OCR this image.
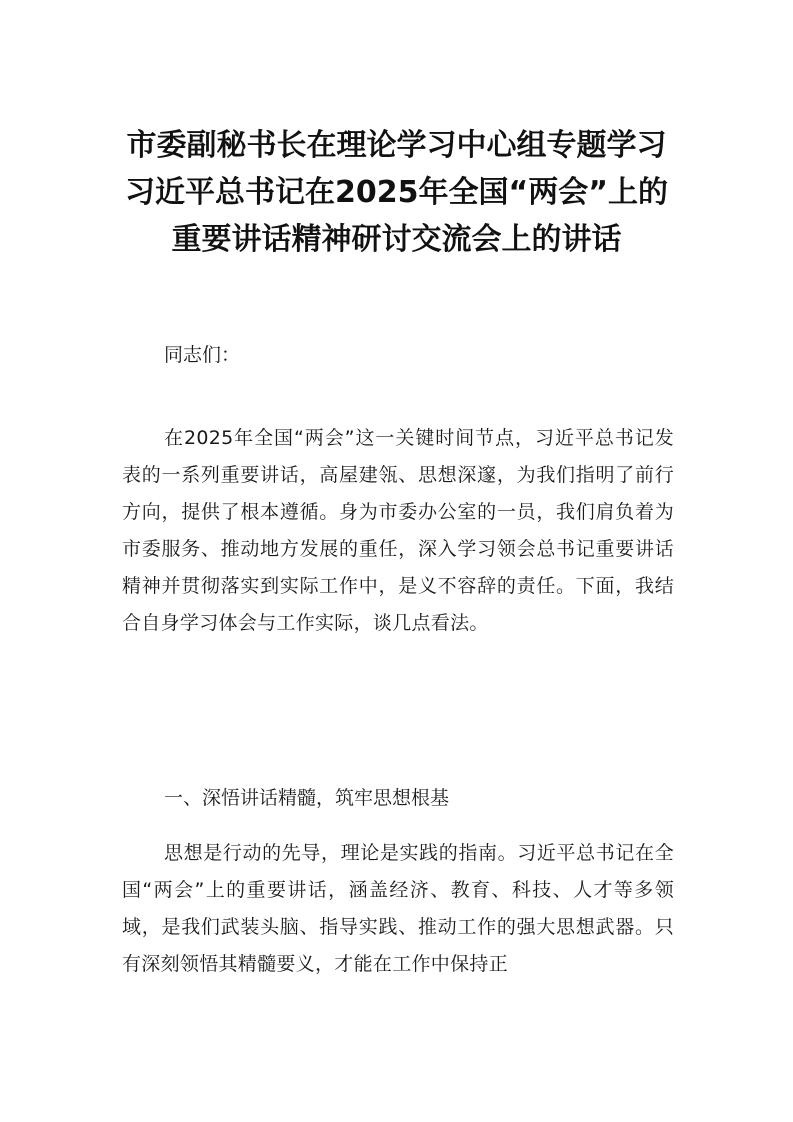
市委副秘书长在理论学习中心组专题学习
习近平总书记在2025年全国“两会”上的
重要讲话精神研讨交流会上的讲话
同志们：
在2025年全国“两会”这一关键时间节点，习近平总书记发表的一系列重要讲话，高屋建瓴、思想深邃，为我们指明了前行方向，提供了根本遵循。身为市委办公室的一员，我们肩负着为市委服务、推动地方发展的重任，深入学习领会总书记重要讲话精神并贯彻落实到实际工作中，是义不容辞的责任。下面，我结合自身学习体会与工作实际，谈几点看法。
一、深悟讲话精髓，筑牢思想根基
思想是行动的先导，理论是实践的指南。习近平总书记在全国“两会”上的重要讲话，涵盖经济、教育、科技、人才等多领域，是我们武装头脑、指导实践、推动工作的强大思想武器。只有深刻领悟其精髓要义，才能在工作中保持正
